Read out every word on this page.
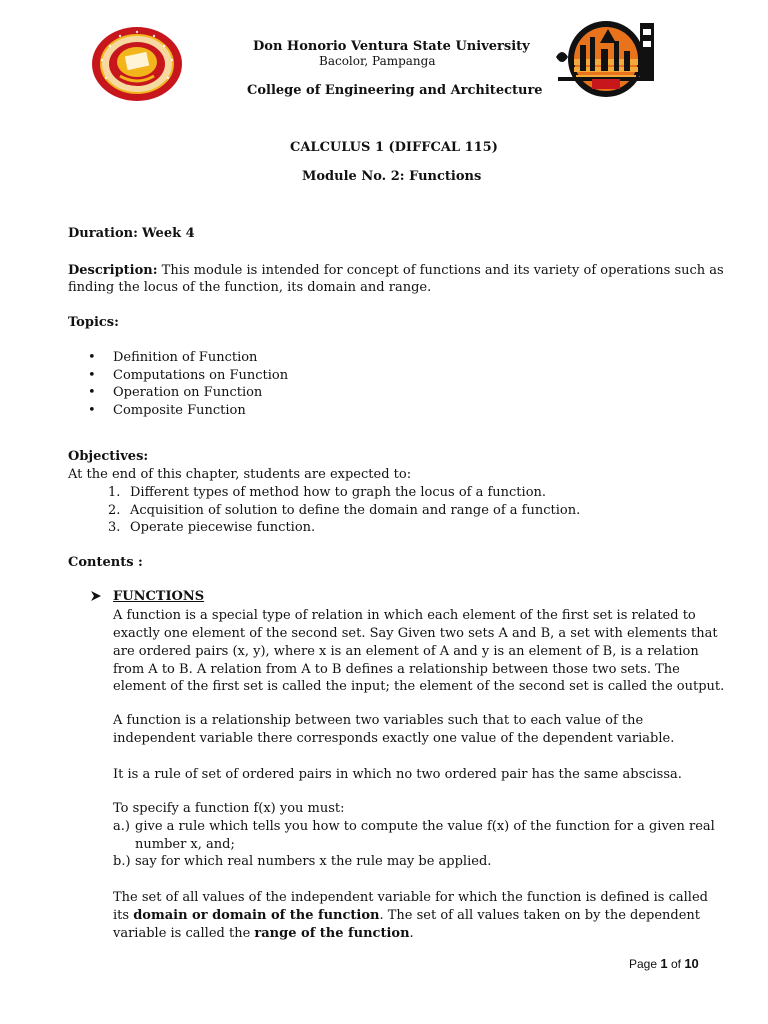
Don Honorio Ventura State University
Bacolor, Pampanga
College of Engineering and Architecture
CALCULUS 1 (DIFFCAL 115)
Module No. 2: Functions
Duration: Week 4
Description: This module is intended for concept of functions and its variety of operations such as
finding the locus of the function, its domain and range.
Topics:
• Definition of Function
• Computations on Function
• Operation on Function
• Composite Function
Objectives:
At the end of this chapter, students are expected to:
1. Different types of method how to graph the locus of a function.
2. Acquisition of solution to define the domain and range of a function.
3. Operate piecewise function.
Contents :
FUNCTIONS
A function is a special type of relation in which each element of the first set is related to
exactly one element of the second set. Say Given two sets A and B, a set with elements that
are ordered pairs (x, y), where x is an element of A and y is an element of B, is a relation
from A to B. A relation from A to B defines a relationship between those two sets. The
element of the first set is called the input; the element of the second set is called the output.
A function is a relationship between two variables such that to each value of the
independent variable there corresponds exactly one value of the dependent variable.
It is a rule of set of ordered pairs in which no two ordered pair has the same abscissa.
To specify a function f(x) you must:
a.) give a rule which tells you how to compute the value f(x) of the function for a given real
number x, and;
b.) say for which real numbers x the rule may be applied.
The set of all values of the independent variable for which the function is defined is called
its domain or domain of the function. The set of all values taken on by the dependent
variable is called the range of the function.
Page 1 of 10
